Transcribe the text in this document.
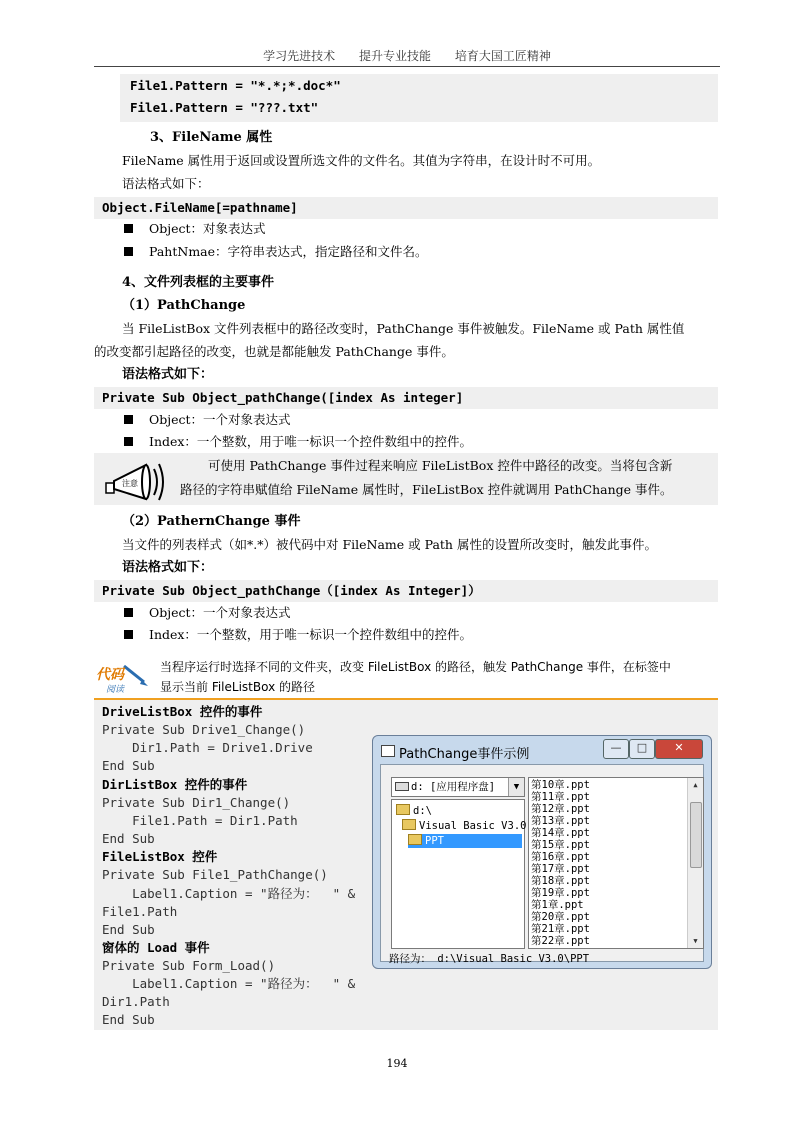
学习先进技术 提升专业技能 培育大国工匠精神
File1.Pattern = "*.*;*.doc*"
File1.Pattern = "???.txt"
3、FileName 属性
FileName 属性用于返回或设置所选文件的文件名。其值为字符串，在设计时不可用。
语法格式如下：
Object.FileName[=pathname]
Object：对象表达式
PahtNmae：字符串表达式，指定路径和文件名。
4、文件列表框的主要事件
（1）PathChange
当 FileListBox 文件列表框中的路径改变时，PathChange 事件被触发。FileName 或 Path 属性值
的改变都引起路径的改变，也就是都能触发 PathChange 事件。
语法格式如下：
Private Sub Object_pathChange([index As integer]
Object：一个对象表达式
Index：一个整数，用于唯一标识一个控件数组中的控件。
注意
可使用 PathChange 事件过程来响应 FileListBox 控件中路径的改变。当将包含新
路径的字符串赋值给 FileName 属性时，FileListBox 控件就调用 PathChange 事件。
（2）PathernChange 事件
当文件的列表样式（如*.*）被代码中对 FileName 或 Path 属性的设置所改变时，触发此事件。
语法格式如下：
Private Sub Object_pathChange（[index As Integer]）
Object：一个对象表达式
Index：一个整数，用于唯一标识一个控件数组中的控件。
代码
阅读
当程序运行时选择不同的文件夹，改变 FileListBox 的路径，触发 PathChange 事件，在标签中
显示当前 FileListBox 的路径
DriveListBox 控件的事件
Private Sub Drive1_Change()
Dir1.Path = Drive1.Drive
End Sub
DirListBox 控件的事件
Private Sub Dir1_Change()
File1.Path = Dir1.Path
End Sub
FileListBox 控件
Private Sub File1_PathChange()
Label1.Caption = "路径为：  " &
File1.Path
End Sub
窗体的 Load 事件
Private Sub Form_Load()
Label1.Caption = "路径为：  " &
Dir1.Path
End Sub
PathChange事件示例	—	□	✕
d: [应用程序盘]	▼
d:\
Visual Basic V3.0
PPT
第10章.ppt
第11章.ppt
第12章.ppt
第13章.ppt
第14章.ppt
第15章.ppt
第16章.ppt
第17章.ppt
第18章.ppt
第19章.ppt
第1章.ppt
第20章.ppt
第21章.ppt
第22章.ppt
▲
▼
路径为： d:\Visual Basic V3.0\PPT
194
